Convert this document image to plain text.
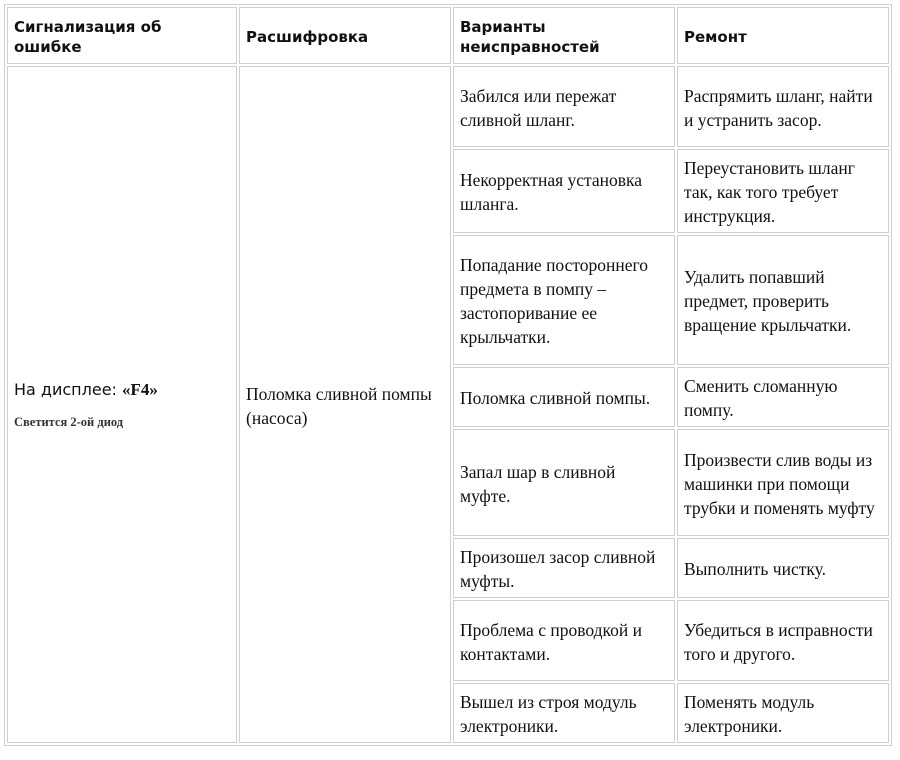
Сигнализация об ошибке	Расшифровка	Варианты неисправностей	Ремонт
На дисплее: «F4»
Светится 2-ой диод	Поломка сливной помпы (насоса)	Забился или пережат сливной шланг.	Распрямить шланг, найти и устранить засор.
		Некорректная установка шланга.	Переустановить шланг так, как того требует инструкция.
		Попадание постороннего предмета в помпу – застопоривание ее крыльчатки.	Удалить попавший предмет, проверить вращение крыльчатки.
		Поломка сливной помпы.	Сменить сломанную помпу.
		Запал шар в сливной муфте.	Произвести слив воды из машинки при помощи трубки и поменять муфту
		Произошел засор сливной муфты.	Выполнить чистку.
		Проблема с проводкой и контактами.	Убедиться в исправности того и другого.
		Вышел из строя модуль электроники.	Поменять модуль электроники.
